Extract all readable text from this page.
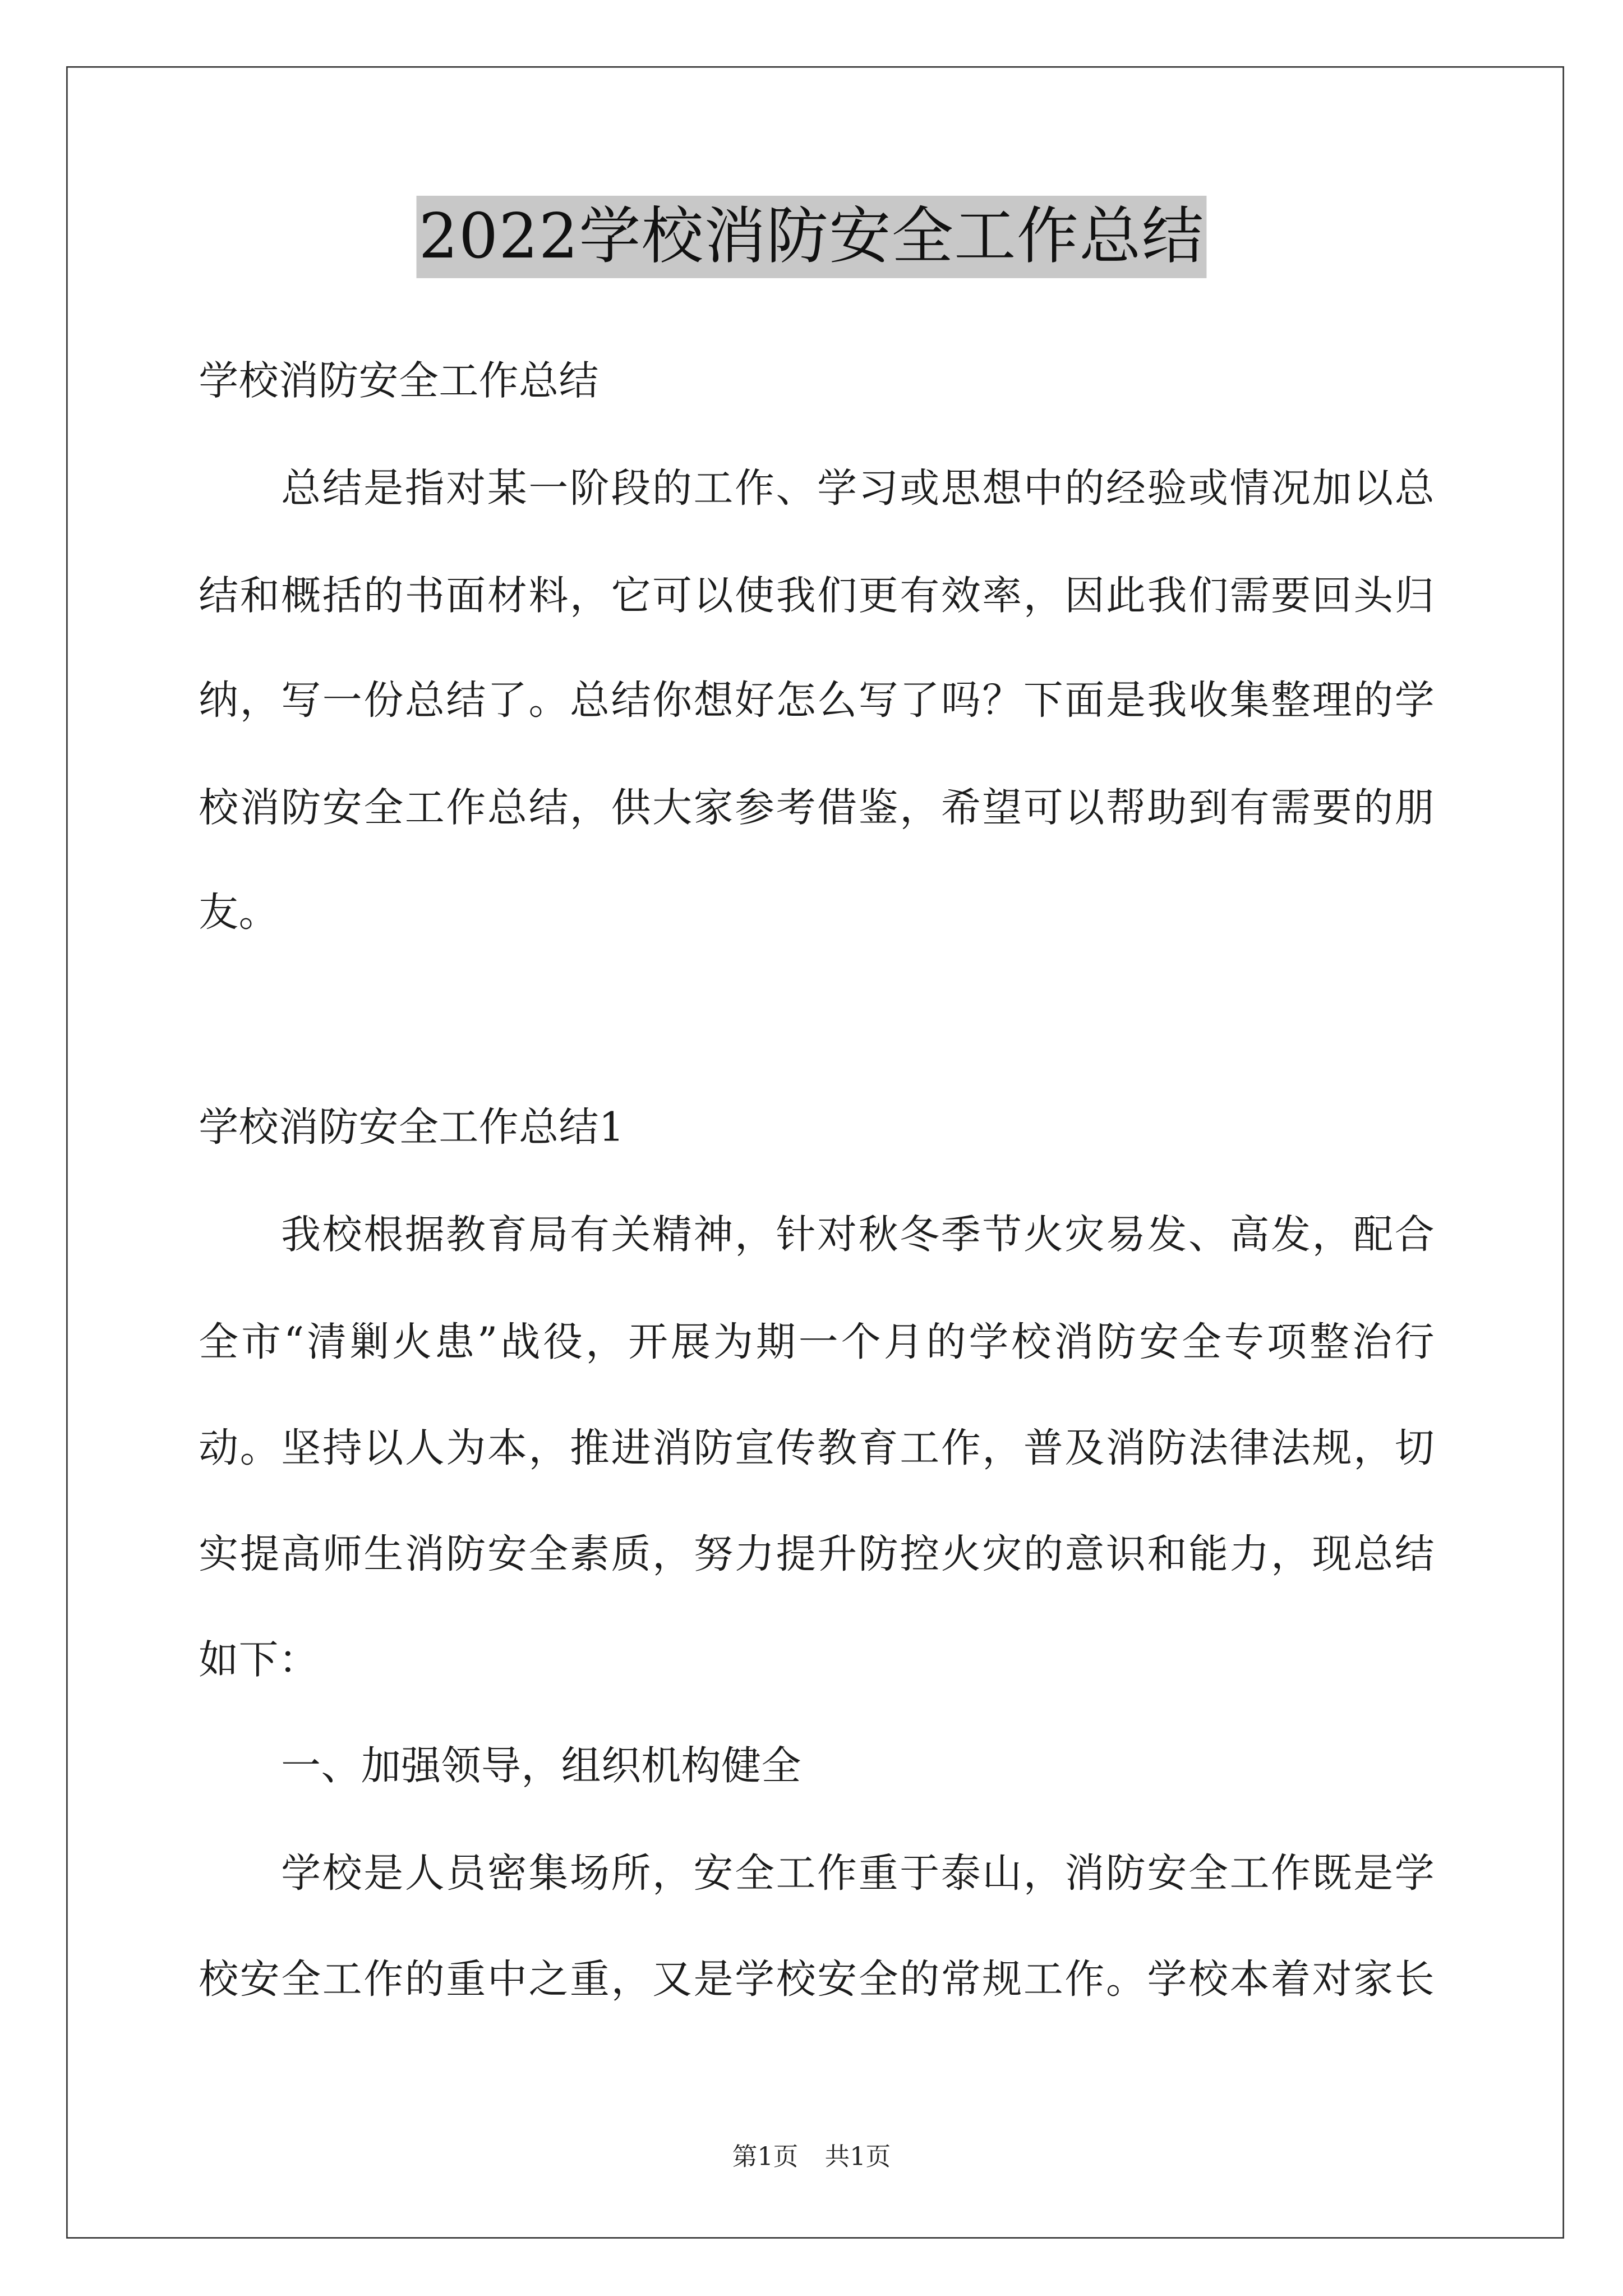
2022学校消防安全工作总结
学校消防安全工作总结
总结是指对某一阶段的工作、学习或思想中的经验或情况加以总
结和概括的书面材料，它可以使我们更有效率，因此我们需要回头归
纳，写一份总结了。总结你想好怎么写了吗？下面是我收集整理的学
校消防安全工作总结，供大家参考借鉴，希望可以帮助到有需要的朋
友。
学校消防安全工作总结1
我校根据教育局有关精神，针对秋冬季节火灾易发、高发，配合
全市“清剿火患”战役，开展为期一个月的学校消防安全专项整治行
动。坚持以人为本，推进消防宣传教育工作，普及消防法律法规，切
实提高师生消防安全素质，努力提升防控火灾的意识和能力，现总结
如下：
一、加强领导，组织机构健全
学校是人员密集场所，安全工作重于泰山，消防安全工作既是学
校安全工作的重中之重，又是学校安全的常规工作。学校本着对家长
第1页	共1页
